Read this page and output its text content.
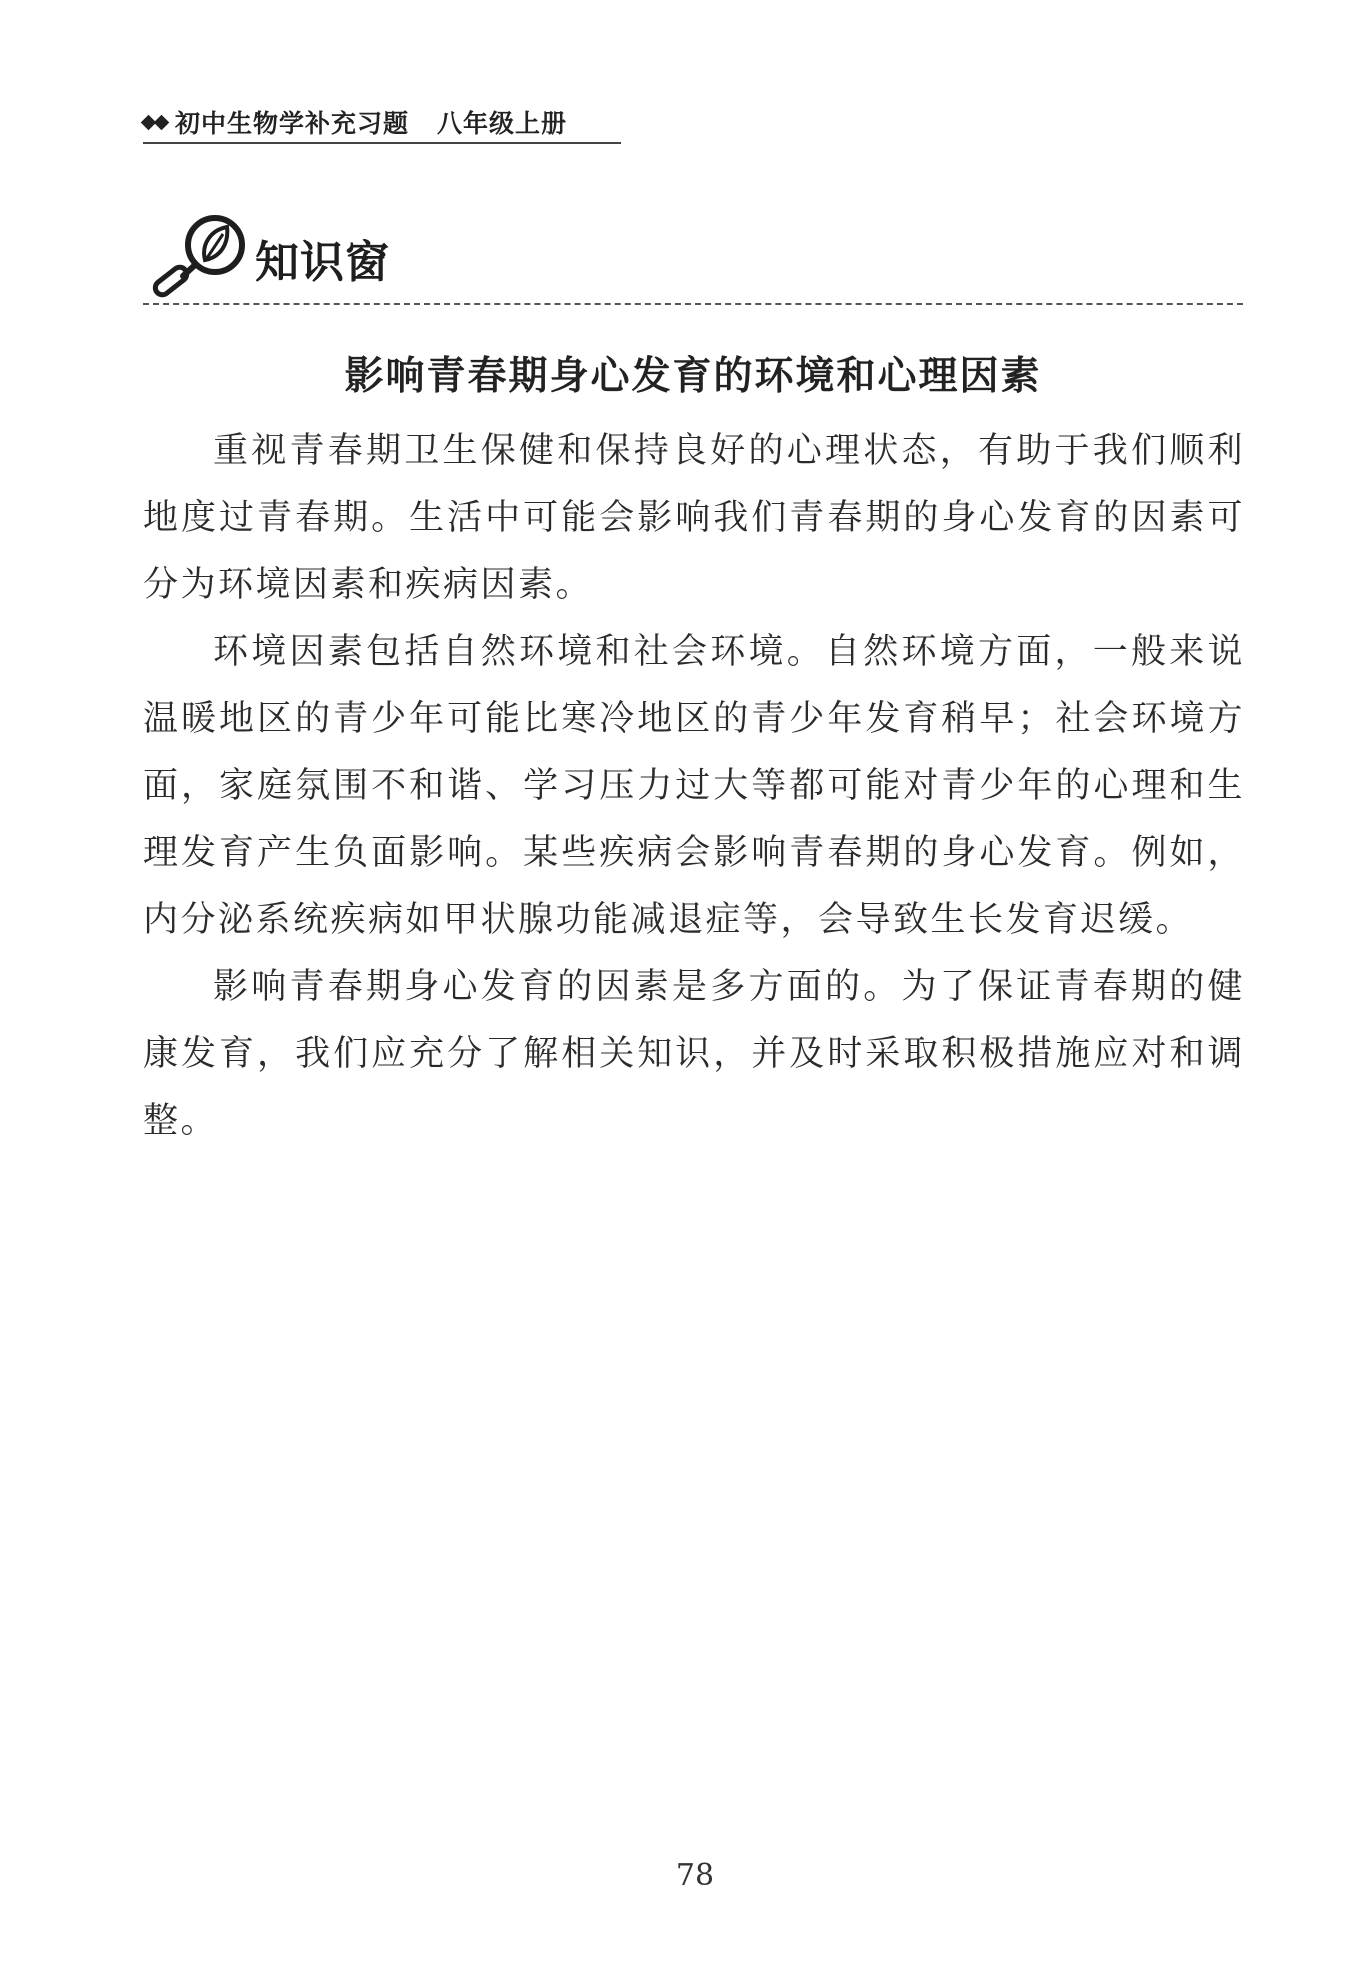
初中生物学补充习题 八年级上册
知识窗
影响青春期身心发育的环境和心理因素

重视青春期卫生保健和保持良好的心理状态，有助于我们顺利地度过青春期。生活中可能会影响我们青春期的身心发育的因素可分为环境因素和疾病因素。

环境因素包括自然环境和社会环境。自然环境方面，一般来说温暖地区的青少年可能比寒冷地区的青少年发育稍早；社会环境方面，家庭氛围不和谐、学习压力过大等都可能对青少年的心理和生理发育产生负面影响。某些疾病会影响青春期的身心发育。例如，内分泌系统疾病如甲状腺功能减退症等，会导致生长发育迟缓。

影响青春期身心发育的因素是多方面的。为了保证青春期的健康发育，我们应充分了解相关知识，并及时采取积极措施应对和调整。

78
